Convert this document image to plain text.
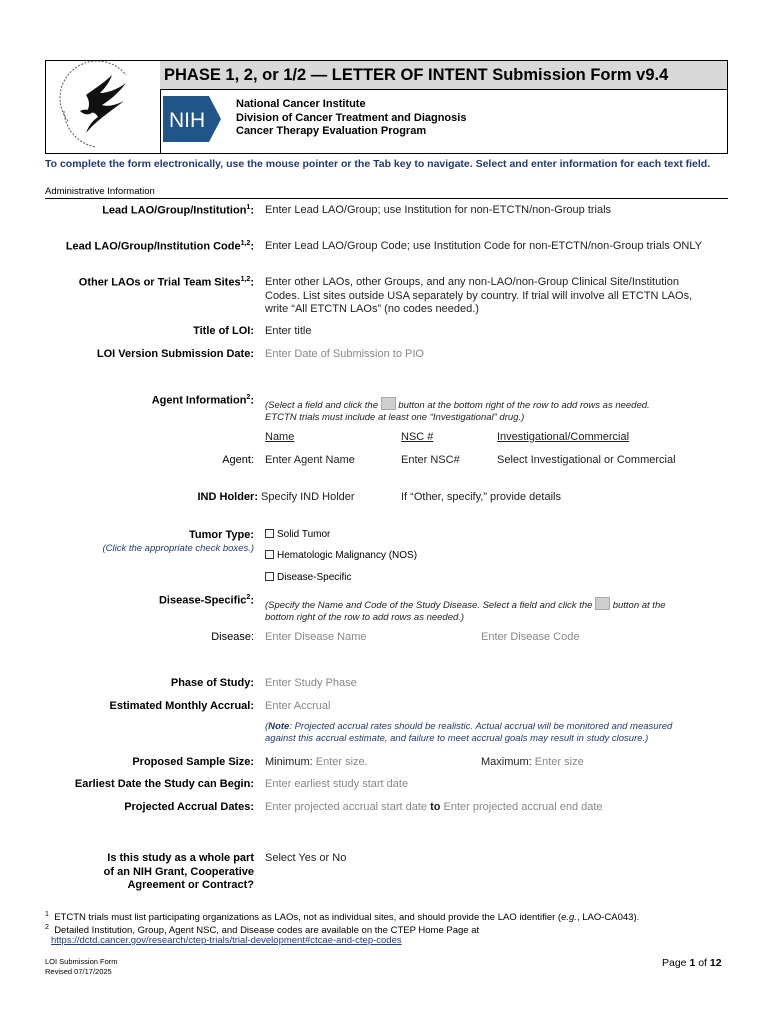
PHASE 1, 2, or 1/2 — LETTER OF INTENT Submission Form v9.4
NIH
National Cancer Institute
Division of Cancer Treatment and Diagnosis
Cancer Therapy Evaluation Program
To complete the form electronically, use the mouse pointer or the Tab key to navigate. Select and enter information for each text field.
Administrative Information
Lead LAO/Group/Institution$^1$: Enter Lead LAO/Group; use Institution for non-ETCTN/non-Group trials
Lead LAO/Group/Institution Code$^{1,2}$: Enter Lead LAO/Group Code; use Institution Code for non-ETCTN/non-Group trials ONLY
Other LAOs or Trial Team Sites$^{1,2}$: Enter other LAOs, other Groups, and any non-LAO/non-Group Clinical Site/Institution
Codes. List sites outside USA separately by country. If trial will involve all ETCTN LAOs,
write “All ETCTN LAOs” (no codes needed.)
Title of LOI: Enter title
LOI Version Submission Date: Enter Date of Submission to PIO
Agent Information$^2$: (Select a field and click the button at the bottom right of the row to add rows as needed.
ETCTN trials must include at least one “Investigational” drug.)
Name	NSC #	Investigational/Commercial
Agent: Enter Agent Name	Enter NSC#	Select Investigational or Commercial
IND Holder: Specify IND Holder	If “Other, specify,” provide details
Tumor Type:
(Click the appropriate check boxes.)
Solid Tumor
Hematologic Malignancy (NOS)
Disease-Specific
Disease-Specific$^2$: (Specify the Name and Code of the Study Disease. Select a field and click the button at the
bottom right of the row to add rows as needed.)
Disease: Enter Disease Name	Enter Disease Code
Phase of Study: Enter Study Phase
Estimated Monthly Accrual: Enter Accrual
(Note: Projected accrual rates should be realistic. Actual accrual will be monitored and measured
against this accrual estimate, and failure to meet accrual goals may result in study closure.)
Proposed Sample Size: Minimum: Enter size.	Maximum: Enter size
Earliest Date the Study can Begin: Enter earliest study start date
Projected Accrual Dates: Enter projected accrual start date to Enter projected accrual end date
Is this study as a whole part
of an NIH Grant, Cooperative
Agreement or Contract?
Select Yes or No
$^1$ ETCTN trials must list participating organizations as LAOs, not as individual sites, and should provide the LAO identifier (e.g., LAO-CA043).
$^2$ Detailed Institution, Group, Agent NSC, and Disease codes are available on the CTEP Home Page at
https://dctd.cancer.gov/research/ctep-trials/trial-development#ctcae-and-ctep-codes
LOI Submission Form
Revised 07/17/2025
Page 1 of 12
